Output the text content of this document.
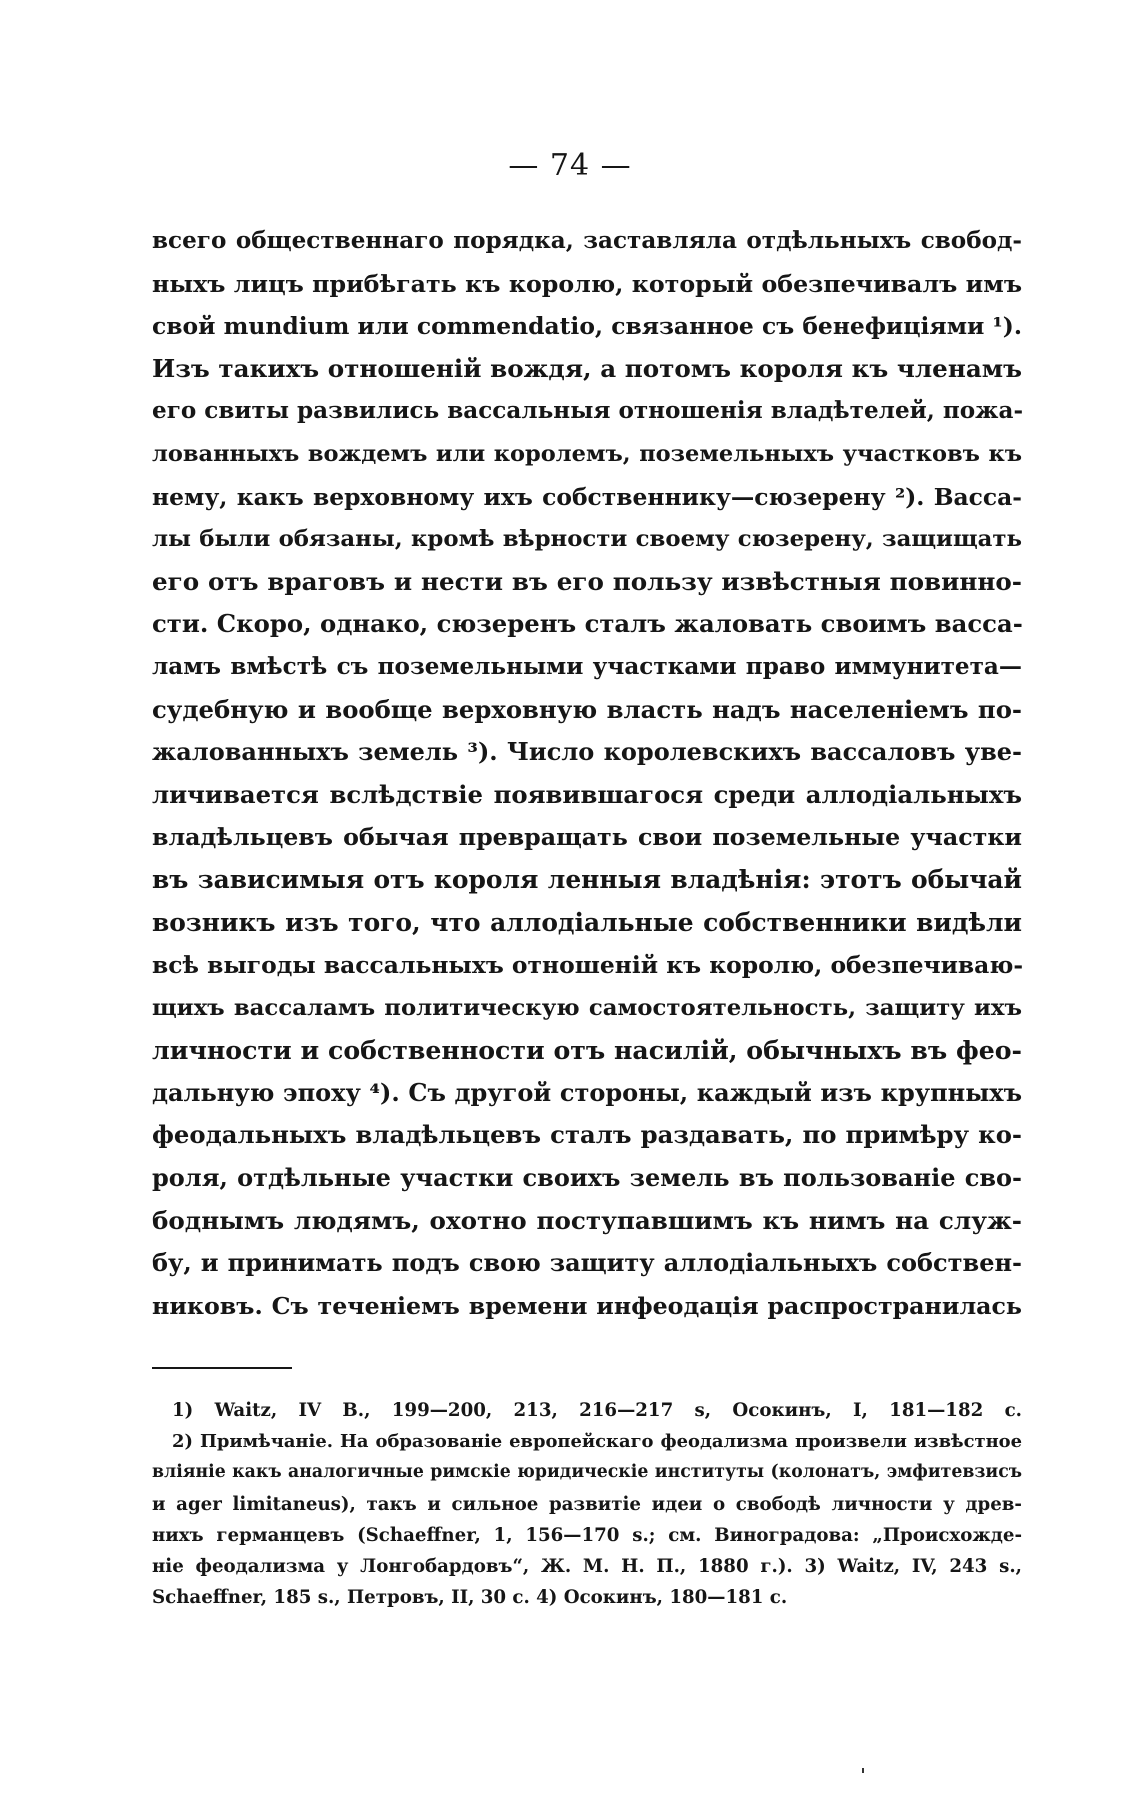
— 74 —
всего общественнаго порядка, заставляла отдѣльныхъ свобод-
ныхъ лицъ прибѣгать къ королю, который обезпечивалъ имъ
свой mundium или commendatio, связанное съ бенефиціями ¹).
Изъ такихъ отношеній вождя, а потомъ короля къ членамъ
его свиты развились вассальныя отношенія владѣтелей, пожа-
лованныхъ вождемъ или королемъ, поземельныхъ участковъ къ
нему, какъ верховному ихъ собственнику—сюзерену ²). Васса-
лы были обязаны, кромѣ вѣрности своему сюзерену, защищать
его отъ враговъ и нести въ его пользу извѣстныя повинно-
сти. Скоро, однако, сюзеренъ сталъ жаловать своимъ васса-
ламъ вмѣстѣ съ поземельными участками право иммунитета—
судебную и вообще верховную власть надъ населеніемъ по-
жалованныхъ земель ³). Число королевскихъ вассаловъ уве-
личивается вслѣдствіе появившагося среди аллодіальныхъ
владѣльцевъ обычая превращать свои поземельные участки
въ зависимыя отъ короля ленныя владѣнія: этотъ обычай
возникъ изъ того, что аллодіальные собственники видѣли
всѣ выгоды вассальныхъ отношеній къ королю, обезпечиваю-
щихъ вассаламъ политическую самостоятельность, защиту ихъ
личности и собственности отъ насилій, обычныхъ въ фео-
дальную эпоху ⁴). Съ другой стороны, каждый изъ крупныхъ
феодальныхъ владѣльцевъ сталъ раздавать, по примѣру ко-
роля, отдѣльные участки своихъ земель въ пользованіе сво-
боднымъ людямъ, охотно поступавшимъ къ нимъ на служ-
бу, и принимать подъ свою защиту аллодіальныхъ собствен-
никовъ. Съ теченіемъ времени инфеодація распространилась
1) Waitz, IV B., 199—200, 213, 216—217 s, Осокинъ, I, 181—182 с.
2) Примѣчаніе. На образованіе европейскаго феодализма произвели извѣстное
вліяніе какъ аналогичные римскіе юридическіе институты (колонатъ, эмфитевзисъ
и ager limitaneus), такъ и сильное развитіе идеи о свободѣ личности у древ-
нихъ германцевъ (Schaeffner, 1, 156—170 s.; см. Виноградова: „Происхожде-
ніе феодализма у Лонгобардовъ“, Ж. М. Н. П., 1880 г.). 3) Waitz, IV, 243 s.,
Schaeffner, 185 s., Петровъ, II, 30 с. 4) Осокинъ, 180—181 с.
